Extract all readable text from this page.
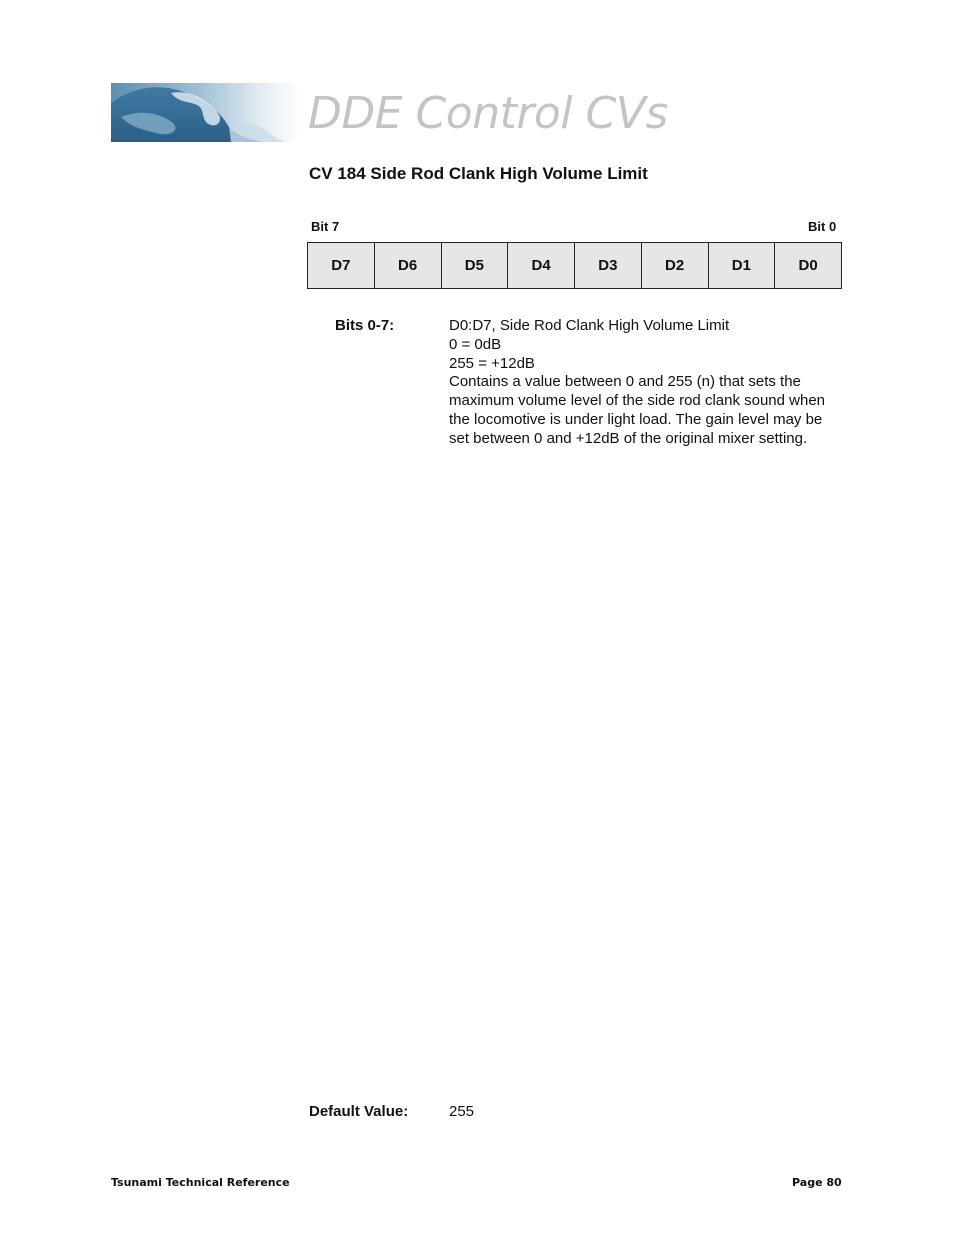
DDE Control CVs
CV 184 Side Rod Clank High Volume Limit
Bit 7	Bit 0
D7	D6	D5	D4	D3	D2	D1	D0
Bits 0-7:	D0:D7, Side Rod Clank High Volume Limit
0 = 0dB
255 = +12dB
Contains a value between 0 and 255 (n) that sets the
maximum volume level of the side rod clank sound when
the locomotive is under light load. The gain level may be
set between 0 and +12dB of the original mixer setting.
Default Value:	255
Tsunami Technical Reference	Page 80
